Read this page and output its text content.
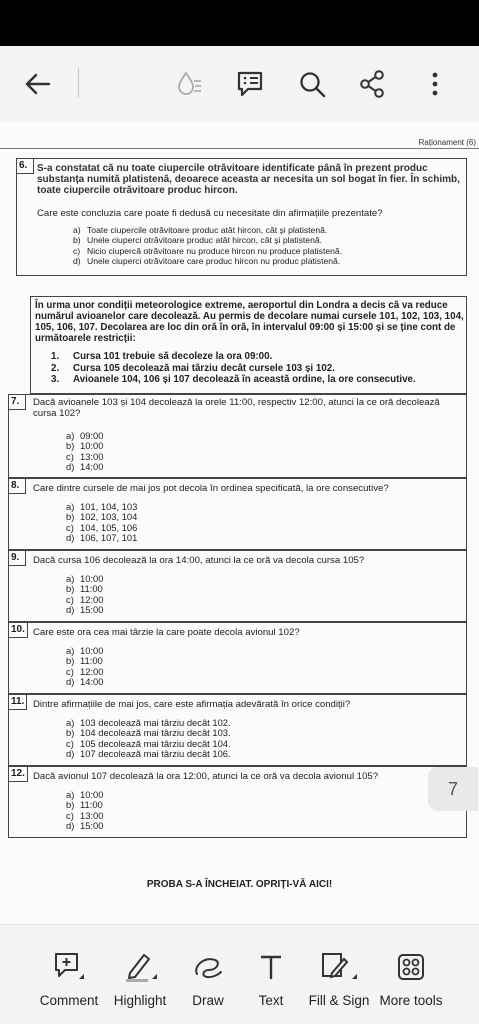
Raționament (6)
6. S-a constatat că nu toate ciupercile otrăvitoare identificate până în prezent produc substanța numită platistenă, deoarece aceasta ar necesita un sol bogat în fier. În schimb, toate ciupercile otrăvitoare produc hircon.
Care este concluzia care poate fi dedusă cu necesitate din afirmațiile prezentate?
a) Toate ciupercile otrăvitoare produc atât hircon, cât și platistenă.
b) Unele ciuperci otrăvitoare produc atât hircon, cât și platistenă.
c) Nicio ciupercă otrăvitoare nu produce hircon nu produce platistenă.
d) Unele ciuperci otrăvitoare care produc hircon nu produc platistenă.
În urma unor condiții meteorologice extreme, aeroportul din Londra a decis că va reduce numărul avioanelor care decolează. Au permis de decolare numai cursele 101, 102, 103, 104, 105, 106, 107. Decolarea are loc din oră în oră, în intervalul 09:00 și 15:00 și se ține cont de următoarele restricții:
1.	Cursa 101 trebuie să decoleze la ora 09:00.
2.	Cursa 105 decolează mai târziu decât cursele 103 și 102.
3.	Avioanele 104, 106 și 107 decolează în această ordine, la ore consecutive.
7.	Dacă avioanele 103 și 104 decolează la orele 11:00, respectiv 12:00, atunci la ce oră decolează cursa 102?
a) 09:00
b) 10:00
c) 13:00
d) 14:00
8.	Care dintre cursele de mai jos pot decola în ordinea specificată, la ore consecutive?
a) 101, 104, 103
b) 102, 103, 104
c) 104, 105, 106
d) 106, 107, 101
9.	Dacă cursa 106 decolează la ora 14:00, atunci la ce oră va decola cursa 105?
a) 10:00
b) 11:00
c) 12:00
d) 15:00
10. Care este ora cea mai târzie la care poate decola avionul 102?
a) 10:00
b) 11:00
c) 12:00
d) 14:00
11. Dintre afirmațiile de mai jos, care este afirmația adevărată în orice condiții?
a) 103 decolează mai târziu decât 102.
b) 104 decolează mai târziu decât 103.
c) 105 decolează mai târziu decât 104.
d) 107 decolează mai târziu decât 106.
12. Dacă avionul 107 decolează la ora 12:00, atunci la ce oră va decola avionul 105?
a) 10:00
b) 11:00
c) 13:00
d) 15:00
7
PROBA S-A ÎNCHEIAT. OPRIȚI-VĂ AICI!
Comment Highlight Draw	Text Fill & Sign More tools
